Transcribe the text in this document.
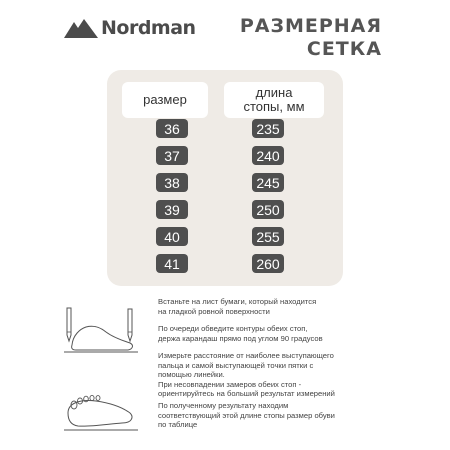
Nordman РАЗМЕРНАЯ
СЕТКА
размер	длина
стопы, мм
36	235
37	240
38	245
39	250
40	255
41	260
Встаньте на лист бумаги, который находится
на гладкой ровной поверхности
По очереди обведите контуры обеих стоп,
держа карандаш прямо под углом 90 градусов
Измерьте расстояние от наиболее выступающего
пальца и самой выступающей точки пятки с
помощью линейки.
При несовпадении замеров обеих стоп -
ориентируйтесь на больший результат измерений
По полученному результату находим
соответствующий этой длине стопы размер обуви
по таблице
